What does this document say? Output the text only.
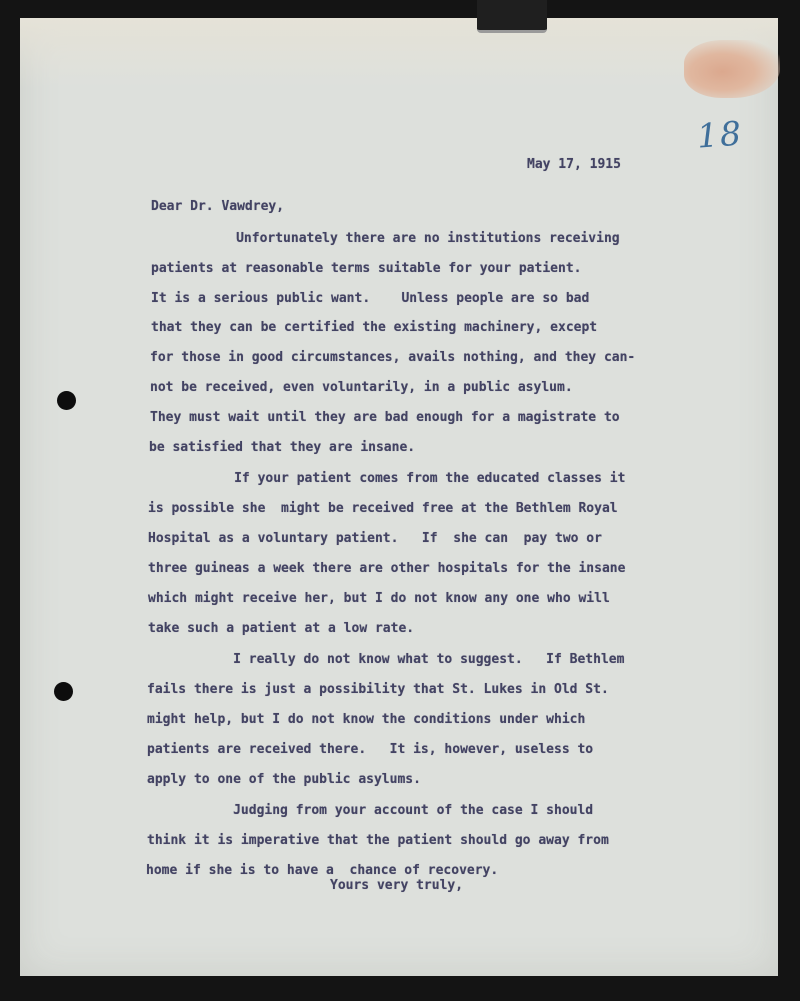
18
May 17, 1915
Dear Dr. Vawdrey,
Unfortunately there are no institutions receiving
patients at reasonable terms suitable for your patient.
It is a serious public want.    Unless people are so bad
that they can be certified the existing machinery, except
for those in good circumstances, avails nothing, and they can-
not be received, even voluntarily, in a public asylum.
They must wait until they are bad enough for a magistrate to
be satisfied that they are insane.
If your patient comes from the educated classes it
is possible she  might be received free at the Bethlem Royal
Hospital as a voluntary patient.   If  she can  pay two or
three guineas a week there are other hospitals for the insane
which might receive her, but I do not know any one who will
take such a patient at a low rate.
I really do not know what to suggest.   If Bethlem
fails there is just a possibility that St. Lukes in Old St.
might help, but I do not know the conditions under which
patients are received there.   It is, however, useless to
apply to one of the public asylums.
Judging from your account of the case I should
think it is imperative that the patient should go away from
home if she is to have a  chance of recovery.
Yours very truly,
